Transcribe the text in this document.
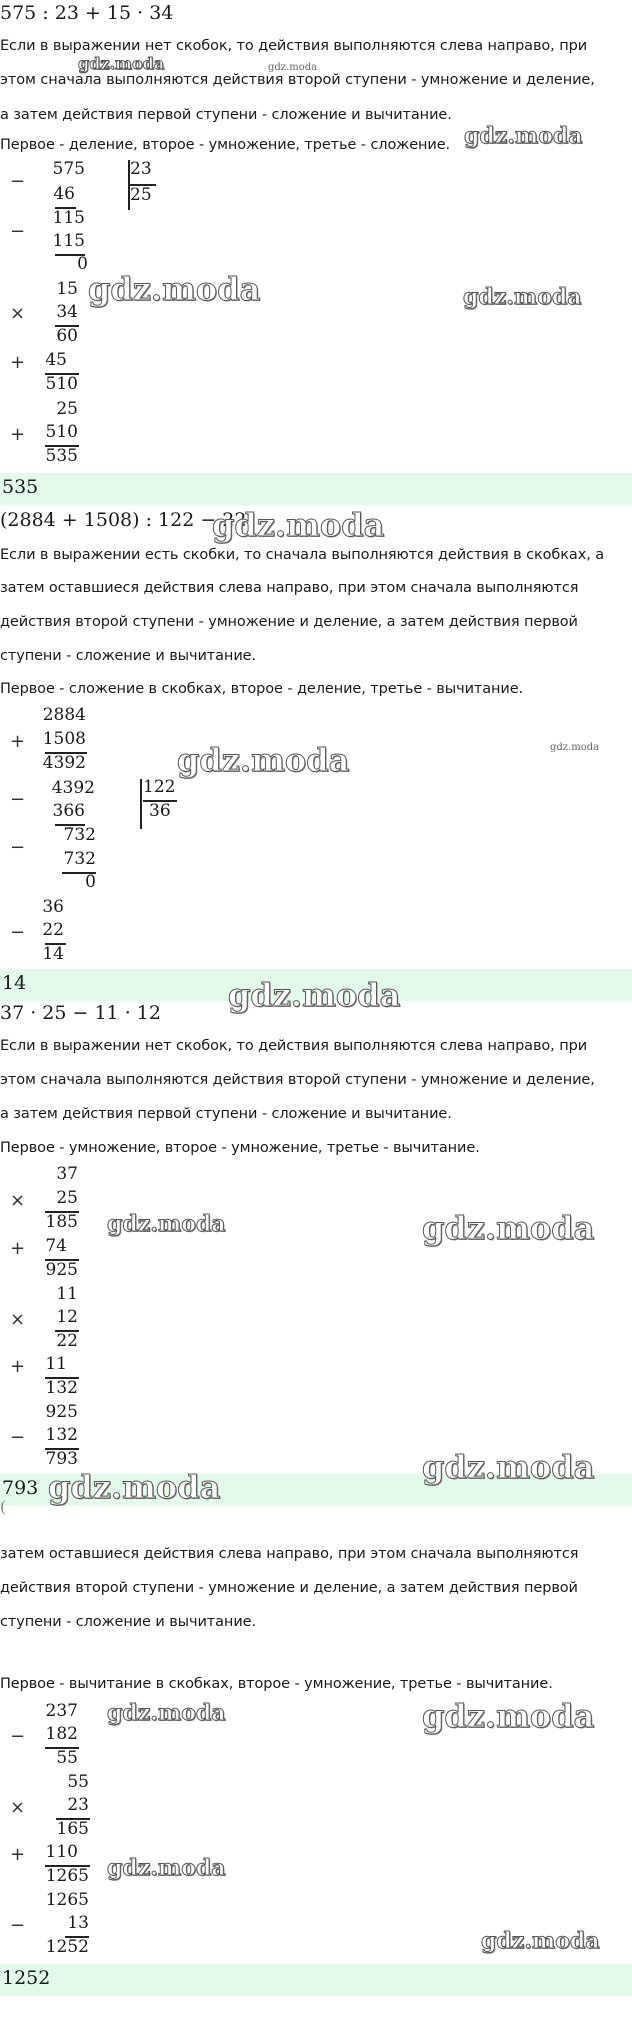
575 : 23 + 15 · 34
Если в выражении нет скобок, то действия выполняются слева направо, при
этом сначала выполняются действия второй ступени - умножение и деление,
а затем действия первой ступени - сложение и вычитание.
Первое - деление, второе - умножение, третье - сложение.
−
575	23
25
46
−
115
115
0
15
×	34
60
+	45
510
25
+	510
535
535
(2884 + 1508) : 122 − 22
Если в выражении есть скобки, то сначала выполняются действия в скобках, а
затем оставшиеся действия слева направо, при этом сначала выполняются
действия второй ступени - умножение и деление, а затем действия первой
ступени - сложение и вычитание.
Первое - сложение в скобках, второе - деление, третье - вычитание.
2884
+ 1508
4392
−
4392	122
36
366
−
732
732
0
36
−	22
14
14
37 · 25 − 11 · 12
Если в выражении нет скобок, то действия выполняются слева направо, при
этом сначала выполняются действия второй ступени - умножение и деление,
а затем действия первой ступени - сложение и вычитание.
Первое - умножение, второе - умножение, третье - вычитание.
37
×	25
185
+	74
925
11
×	12
22
+	11
132
925
−	132
793
793
(
затем оставшиеся действия слева направо, при этом сначала выполняются
действия второй ступени - умножение и деление, а затем действия первой
ступени - сложение и вычитание.
Первое - вычитание в скобках, второе - умножение, третье - вычитание.
237
−	182
55
55
×	23
165
+	110
1265
1265
−	13
1252
1252
gdz.moda	gdz.moda
gdz.moda
gdz.moda	gdz.moda
gdz.moda
gdz.moda	gdz.moda
gdz.moda
gdz.moda	gdz.moda
gdz.moda
gdz.moda
gdz.moda	gdz.moda
gdz.moda
gdz.moda
